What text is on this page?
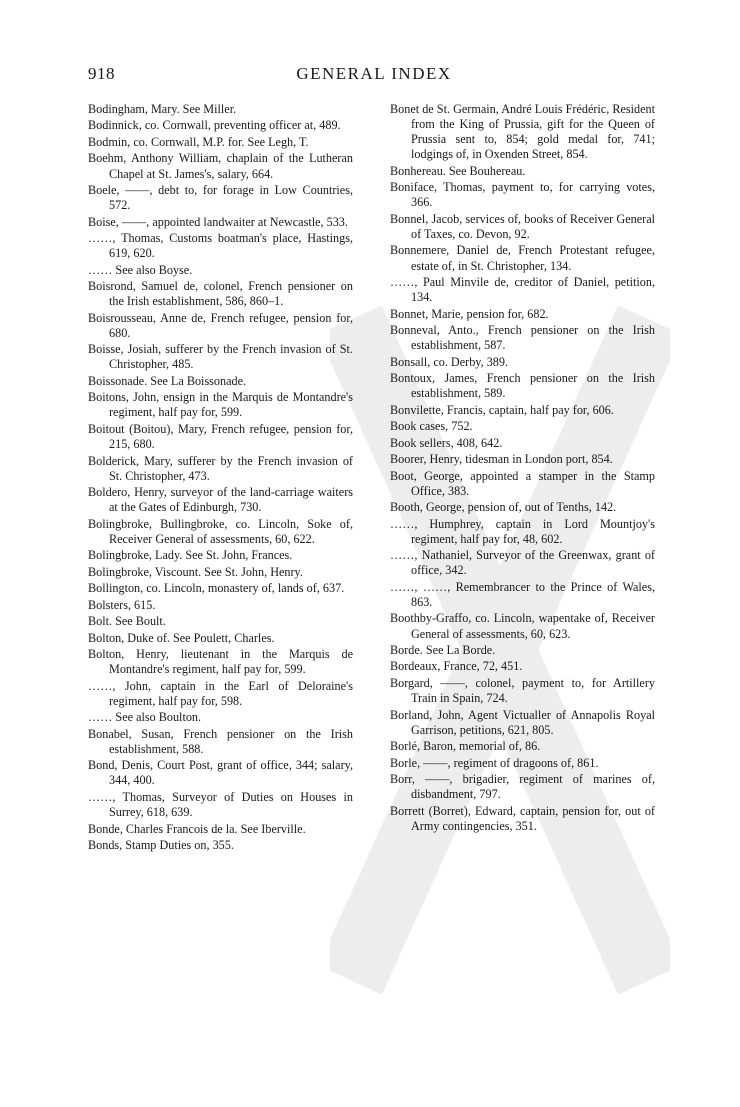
918	GENERAL INDEX

Bodingham, Mary. See Miller.

Bodinnick, co. Cornwall, preventing officer at, 489.

Bodmin, co. Cornwall, M.P. for. See Legh, T.

Boehm, Anthony William, chaplain of the Lutheran Chapel at St. James's, salary, 664.

Boele, ——, debt to, for forage in Low Countries, 572.

Boise, ——, appointed landwaiter at Newcastle, 533.

……, Thomas, Customs boatman's place, Hastings, 619, 620.

…… See also Boyse.

Boisrond, Samuel de, colonel, French pensioner on the Irish establishment, 586, 860–1.

Boisrousseau, Anne de, French refugee, pension for, 680.

Boisse, Josiah, sufferer by the French invasion of St. Christopher, 485.

Boissonade. See La Boissonade.

Boitons, John, ensign in the Marquis de Montandre's regiment, half pay for, 599.

Boitout (Boitou), Mary, French refugee, pension for, 215, 680.

Bolderick, Mary, sufferer by the French invasion of St. Christopher, 473.

Boldero, Henry, surveyor of the land-carriage waiters at the Gates of Edinburgh, 730.

Bolingbroke, Bullingbroke, co. Lincoln, Soke of, Receiver General of assessments, 60, 622.

Bolingbroke, Lady. See St. John, Frances.

Bolingbroke, Viscount. See St. John, Henry.

Bollington, co. Lincoln, monastery of, lands of, 637.

Bolsters, 615.

Bolt. See Boult.

Bolton, Duke of. See Poulett, Charles.

Bolton, Henry, lieutenant in the Marquis de Montandre's regiment, half pay for, 599.

……, John, captain in the Earl of Deloraine's regiment, half pay for, 598.

…… See also Boulton.

Bonabel, Susan, French pensioner on the Irish establishment, 588.

Bond, Denis, Court Post, grant of office, 344; salary, 344, 400.

……, Thomas, Surveyor of Duties on Houses in Surrey, 618, 639.

Bonde, Charles Francois de la. See Iberville.

Bonds, Stamp Duties on, 355.

Bonet de St. Germain, André Louis Frédéric, Resident from the King of Prussia, gift for the Queen of Prussia sent to, 854; gold medal for, 741; lodgings of, in Oxenden Street, 854.

Bonhereau. See Bouhereau.

Boniface, Thomas, payment to, for carrying votes, 366.

Bonnel, Jacob, services of, books of Receiver General of Taxes, co. Devon, 92.

Bonnemere, Daniel de, French Protestant refugee, estate of, in St. Christopher, 134.

……, Paul Minvile de, creditor of Daniel, petition, 134.

Bonnet, Marie, pension for, 682.

Bonneval, Anto., French pensioner on the Irish establishment, 587.

Bonsall, co. Derby, 389.

Bontoux, James, French pensioner on the Irish establishment, 589.

Bonvilette, Francis, captain, half pay for, 606.

Book cases, 752.

Book sellers, 408, 642.

Boorer, Henry, tidesman in London port, 854.

Boot, George, appointed a stamper in the Stamp Office, 383.

Booth, George, pension of, out of Tenths, 142.

……, Humphrey, captain in Lord Mountjoy's regiment, half pay for, 48, 602.

……, Nathaniel, Surveyor of the Greenwax, grant of office, 342.

……, ……, Remembrancer to the Prince of Wales, 863.

Boothby-Graffo, co. Lincoln, wapentake of, Receiver General of assessments, 60, 623.

Borde. See La Borde.

Bordeaux, France, 72, 451.

Borgard, ——, colonel, payment to, for Artillery Train in Spain, 724.

Borland, John, Agent Victualler of Annapolis Royal Garrison, petitions, 621, 805.

Borlé, Baron, memorial of, 86.

Borle, ——, regiment of dragoons of, 861.

Borr, ——, brigadier, regiment of marines of, disbandment, 797.

Borrett (Borret), Edward, captain, pension for, out of Army contingencies, 351.
